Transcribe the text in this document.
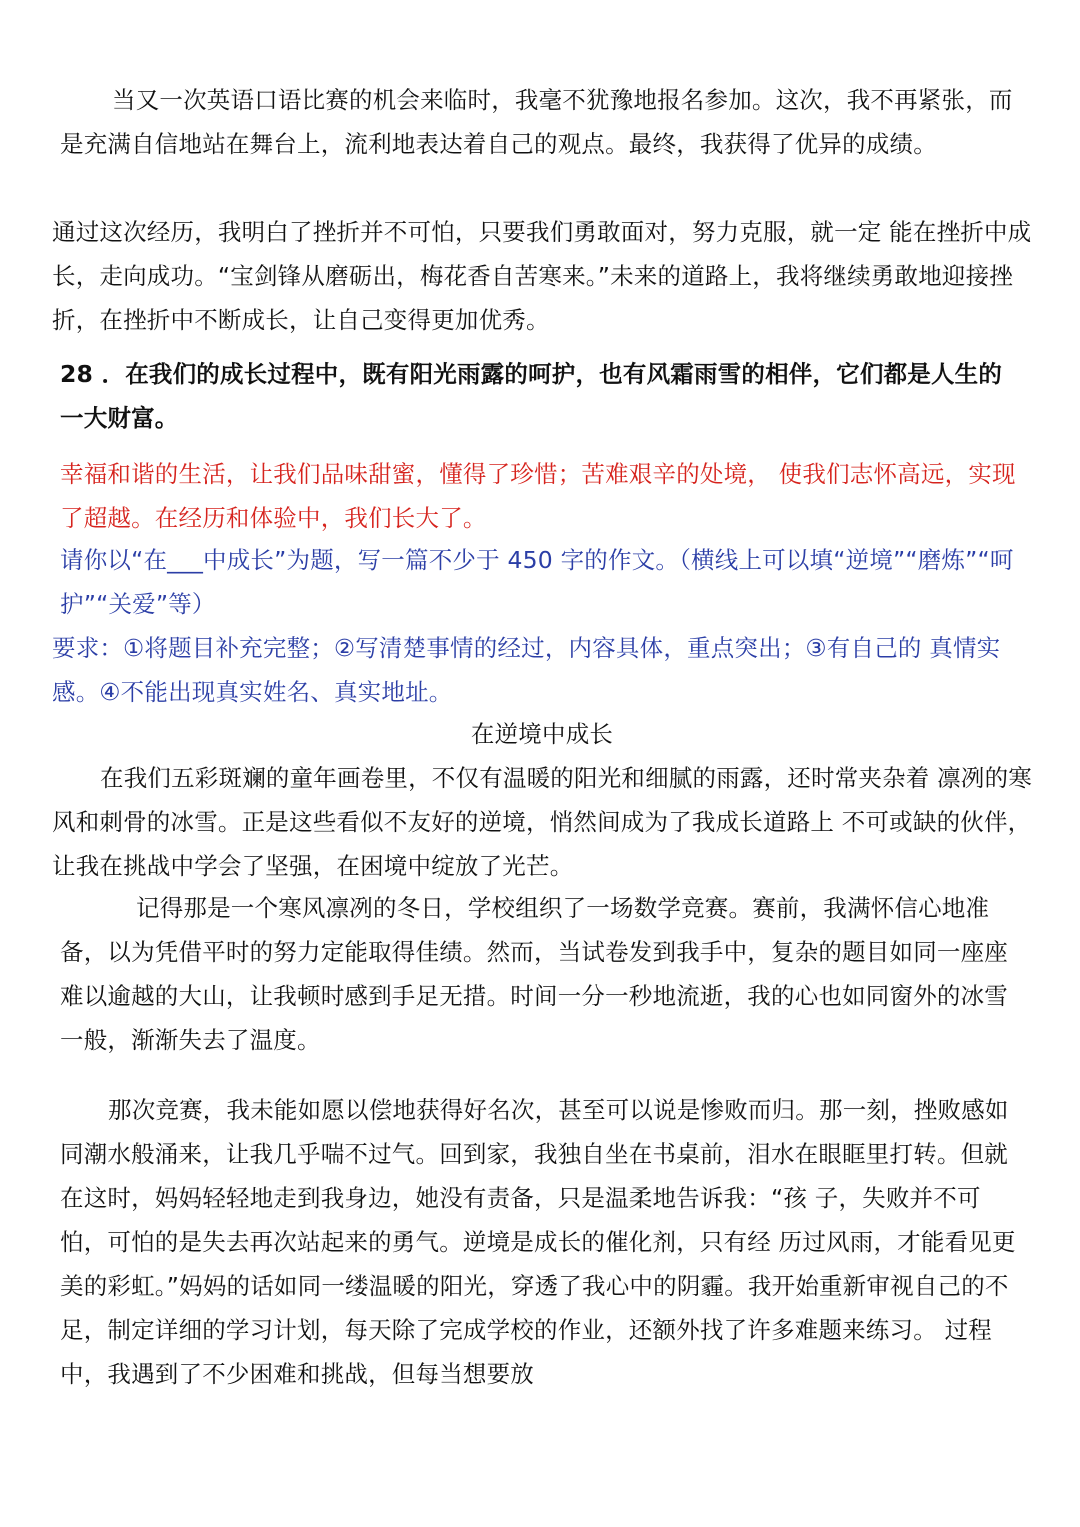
当又一次英语口语比赛的机会来临时，我毫不犹豫地报名参加。这次，我不再紧张，而是充满自信地站在舞台上，流利地表达着自己的观点。最终，我获得了优异的成绩。

通过这次经历，我明白了挫折并不可怕，只要我们勇敢面对，努力克服，就一定 能在挫折中成长，走向成功。“宝剑锋从磨砺出，梅花香自苦寒来。”未来的道路上，我将继续勇敢地迎接挫折，在挫折中不断成长，让自己变得更加优秀。

28 ．在我们的成长过程中，既有阳光雨露的呵护，也有风霜雨雪的相伴，它们都是人生的一大财富。

幸福和谐的生活，让我们品味甜蜜，懂得了珍惜；苦难艰辛的处境， 使我们志怀高远，实现了超越。在经历和体验中，我们长大了。

请你以“在___中成长”为题，写一篇不少于 450 字的作文。（横线上可以填“逆境”“磨炼”“呵 护”“关爱”等）

要求：①将题目补充完整；②写清楚事情的经过，内容具体，重点突出；③有自己的 真情实感。④不能出现真实姓名、真实地址。

在逆境中成长

在我们五彩斑斓的童年画卷里，不仅有温暖的阳光和细腻的雨露，还时常夹杂着 凛冽的寒风和刺骨的冰雪。正是这些看似不友好的逆境，悄然间成为了我成长道路上 不可或缺的伙伴，让我在挑战中学会了坚强，在困境中绽放了光芒。

记得那是一个寒风凛冽的冬日，学校组织了一场数学竞赛。赛前，我满怀信心地准备，以为凭借平时的努力定能取得佳绩。然而，当试卷发到我手中，复杂的题目如同一座座难以逾越的大山，让我顿时感到手足无措。时间一分一秒地流逝，我的心也如同窗外的冰雪一般，渐渐失去了温度。

那次竞赛，我未能如愿以偿地获得好名次，甚至可以说是惨败而归。那一刻，挫败感如同潮水般涌来，让我几乎喘不过气。回到家，我独自坐在书桌前，泪水在眼眶里打转。但就在这时，妈妈轻轻地走到我身边，她没有责备，只是温柔地告诉我：“孩 子，失败并不可怕，可怕的是失去再次站起来的勇气。逆境是成长的催化剂，只有经 历过风雨，才能看见更美的彩虹。”妈妈的话如同一缕温暖的阳光，穿透了我心中的阴霾。我开始重新审视自己的不 足，制定详细的学习计划，每天除了完成学校的作业，还额外找了许多难题来练习。 过程中，我遇到了不少困难和挑战，但每当想要放
